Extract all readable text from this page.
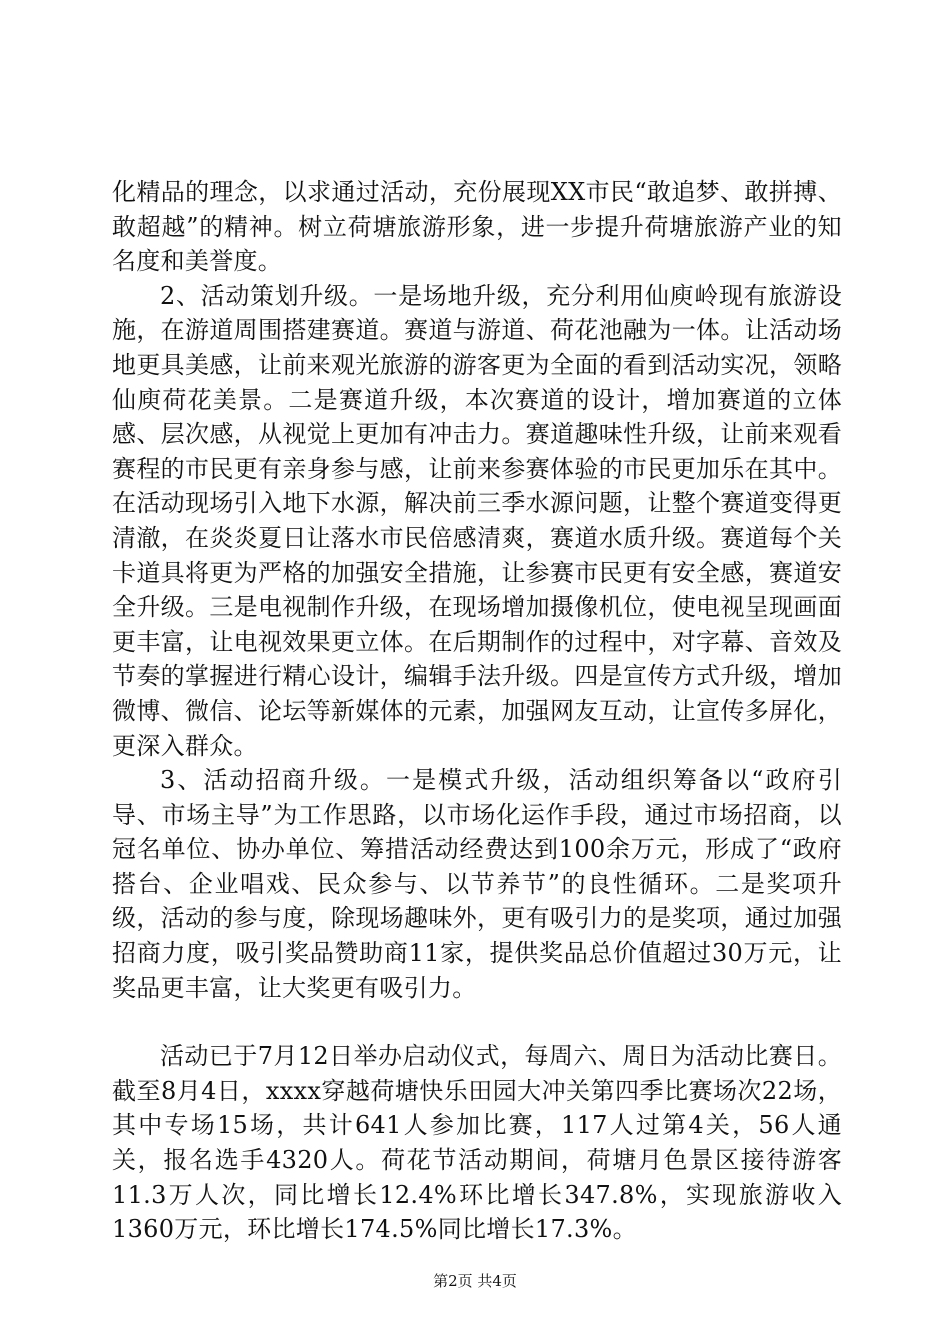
化精品的理念，以求通过活动，充份展现XX市民“敢追梦、敢拼搏、敢超越”的精神。树立荷塘旅游形象，进一步提升荷塘旅游产业的知名度和美誉度。

2、活动策划升级。一是场地升级，充分利用仙庾岭现有旅游设施，在游道周围搭建赛道。赛道与游道、荷花池融为一体。让活动场地更具美感，让前来观光旅游的游客更为全面的看到活动实况，领略仙庾荷花美景。二是赛道升级，本次赛道的设计，增加赛道的立体感、层次感，从视觉上更加有冲击力。赛道趣味性升级，让前来观看赛程的市民更有亲身参与感，让前来参赛体验的市民更加乐在其中。在活动现场引入地下水源，解决前三季水源问题，让整个赛道变得更清澈，在炎炎夏日让落水市民倍感清爽，赛道水质升级。赛道每个关卡道具将更为严格的加强安全措施，让参赛市民更有安全感，赛道安全升级。三是电视制作升级，在现场增加摄像机位，使电视呈现画面更丰富，让电视效果更立体。在后期制作的过程中，对字幕、音效及节奏的掌握进行精心设计，编辑手法升级。四是宣传方式升级，增加微博、微信、论坛等新媒体的元素，加强网友互动，让宣传多屏化，更深入群众。

3、活动招商升级。一是模式升级，活动组织筹备以“政府引导、市场主导”为工作思路，以市场化运作手段，通过市场招商，以冠名单位、协办单位、筹措活动经费达到100余万元，形成了“政府搭台、企业唱戏、民众参与、以节养节”的良性循环。二是奖项升级，活动的参与度，除现场趣味外，更有吸引力的是奖项，通过加强招商力度，吸引奖品赞助商11家，提供奖品总价值超过30万元，让奖品更丰富，让大奖更有吸引力。

活动已于7月12日举办启动仪式，每周六、周日为活动比赛日。截至8月4日，xxxx穿越荷塘快乐田园大冲关第四季比赛场次22场，其中专场15场，共计641人参加比赛，117人过第4关，56人通关，报名选手4320人。荷花节活动期间，荷塘月色景区接待游客11.3万人次，同比增长12.4%环比增长347.8%，实现旅游收入1360万元，环比增长174.5%同比增长17.3%。

第2页 共4页
